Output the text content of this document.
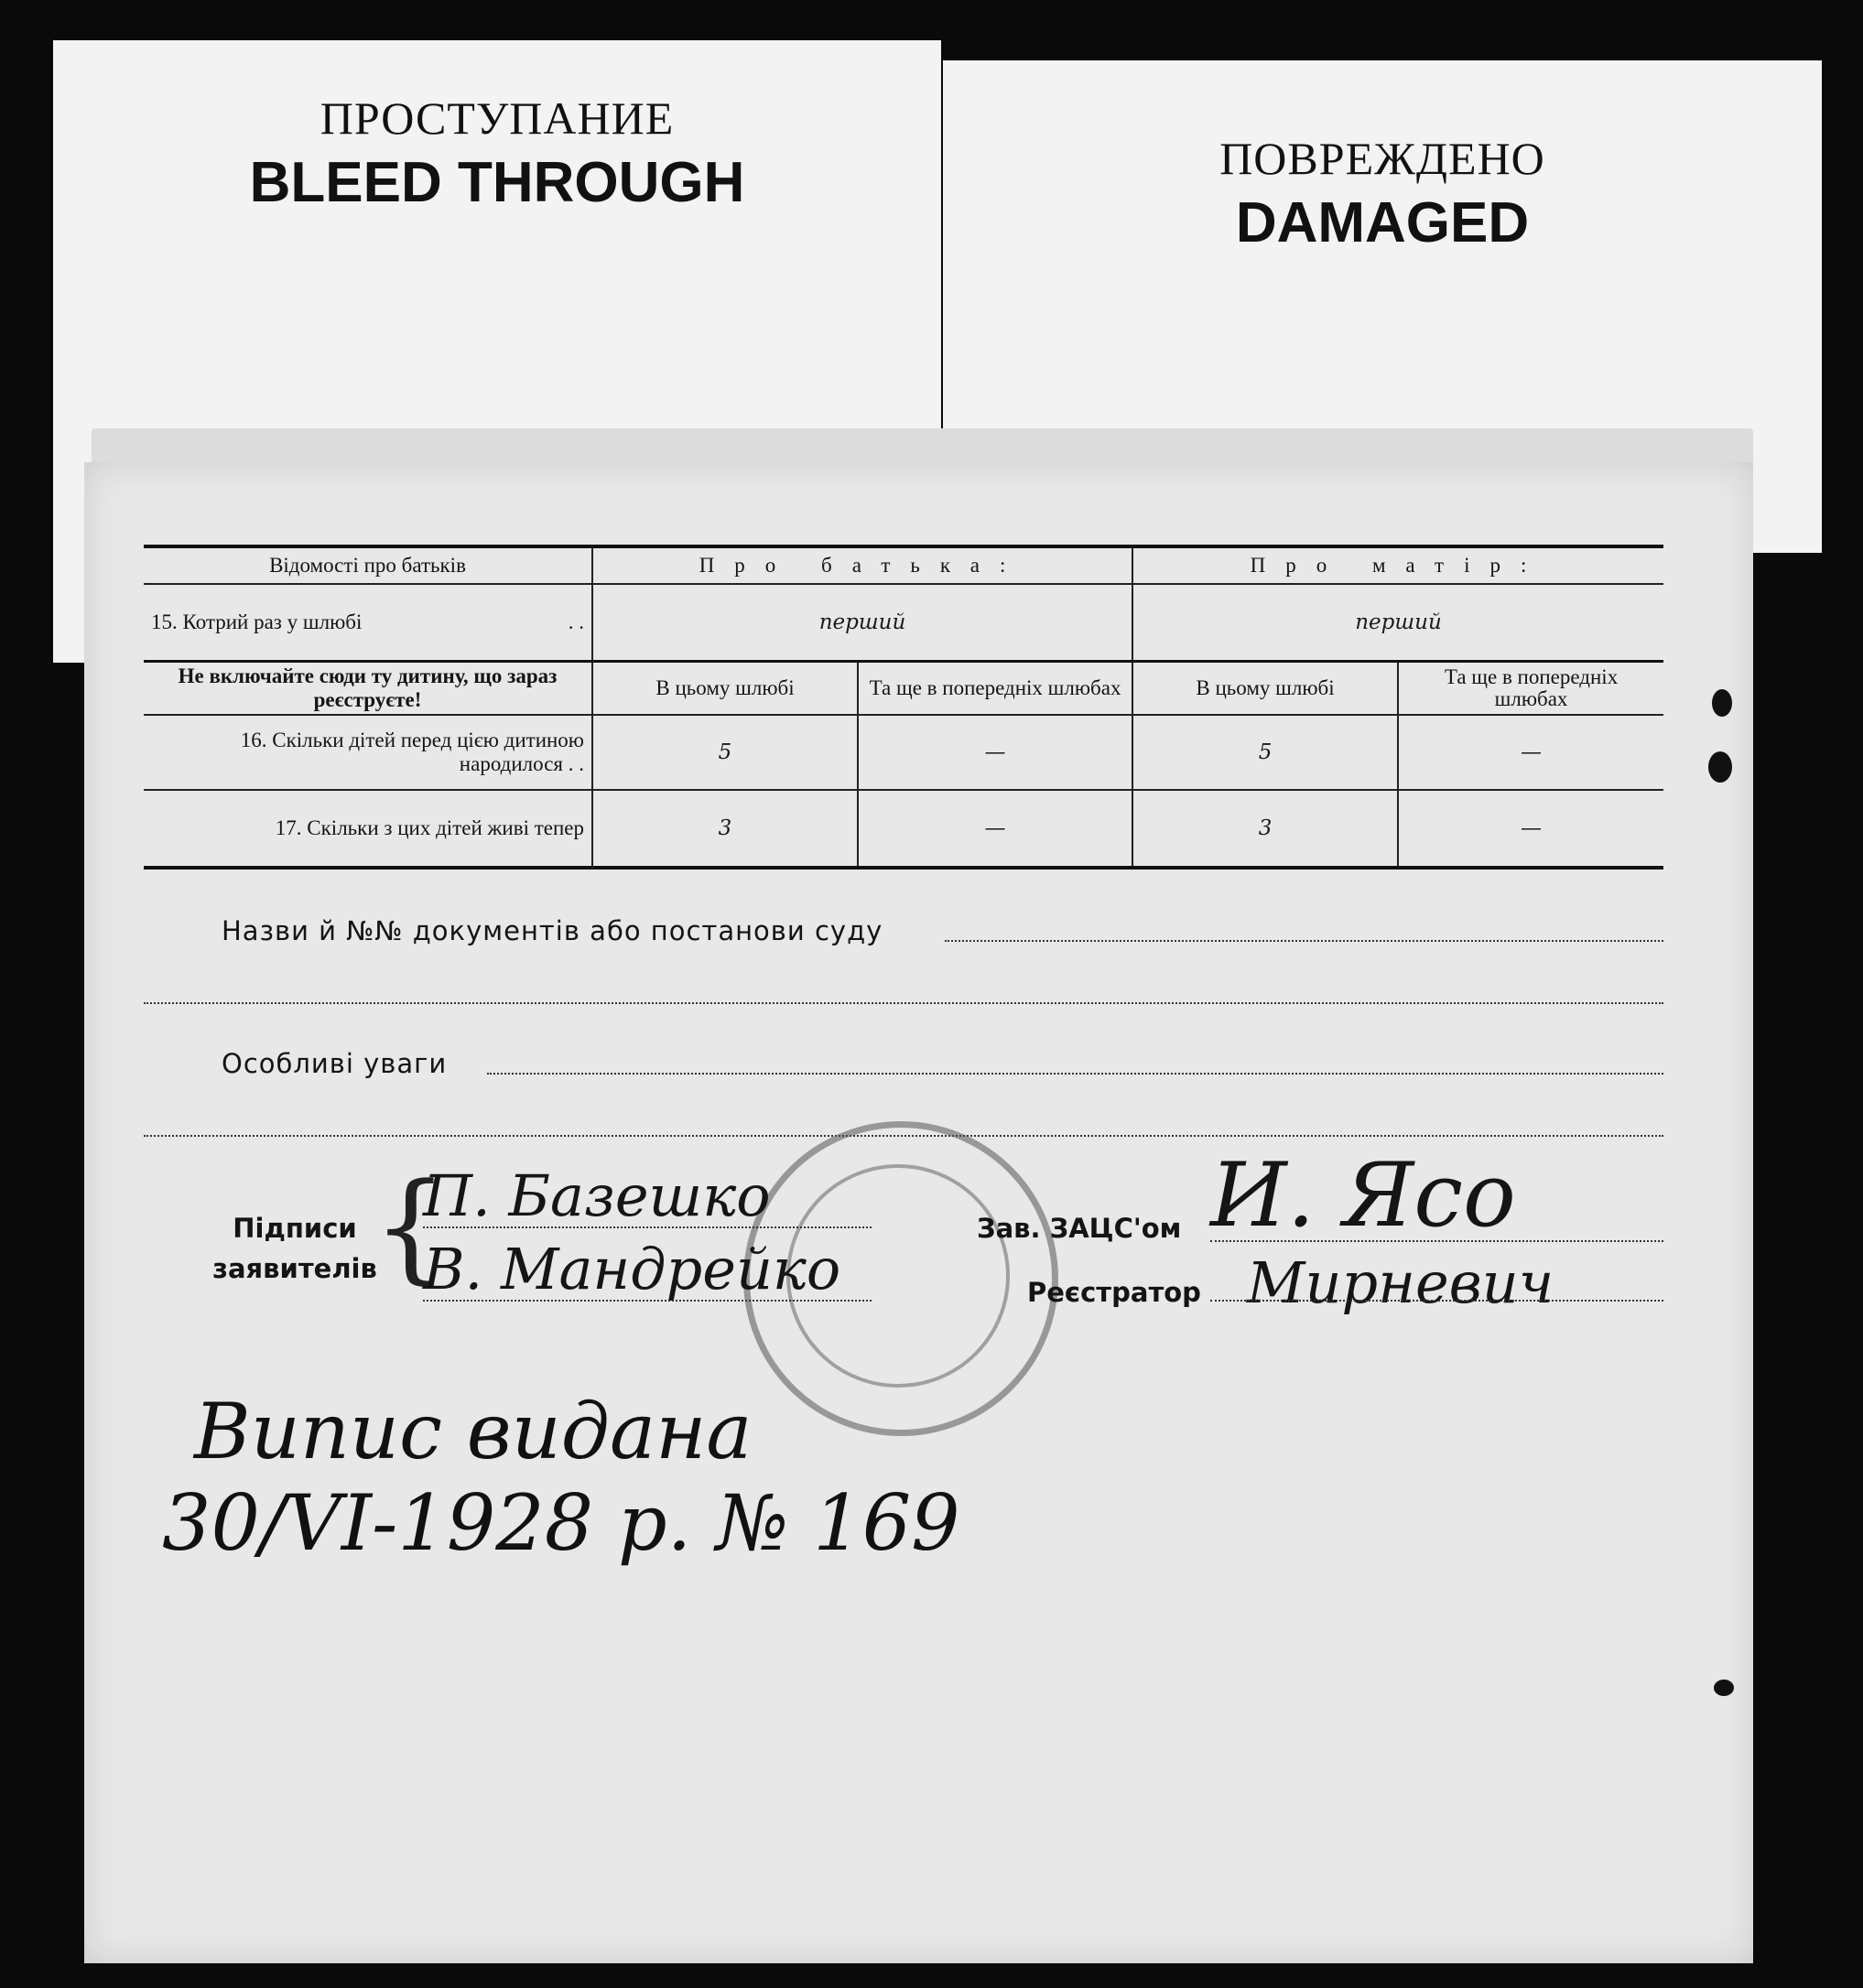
ПРОСТУПАНИЕ
BLEED THROUGH	ПОВРЕЖДЕНО
DAMAGED
Відомості про батьків	Про батька:		Про матір:	
15. Котрий раз у шлюбі . .	перший		перший	
Не включайте сюди ту дитину, що зараз реєструєте!	В цьому шлюбі	Та ще в попередніх шлюбах	В цьому шлюбі	Та ще в попередніх шлюбах
16. Скільки дітей перед цією дитиною народилося . .	5	—	5	—
17. Скільки з цих дітей живі тепер	3	—	3	—
Назви й №№ документів або постанови суду
Особливі уваги
Підписи заявителів
{
П. Базешко
В. Мандрейко
Зав. ЗАЦС'ом И. Ясо
Реєстратор Мирневич
Випис видана
30/VI-1928 р. № 169
